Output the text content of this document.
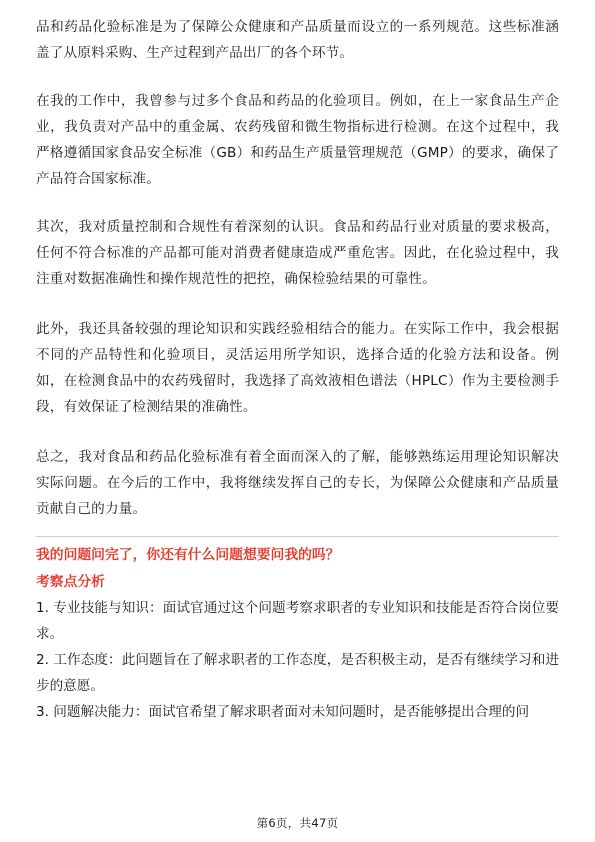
品和药品化验标准是为了保障公众健康和产品质量而设立的一系列规范。这些标准涵盖了从原料采购、生产过程到产品出厂的各个环节。

在我的工作中，我曾参与过多个食品和药品的化验项目。例如，在上一家食品生产企业，我负责对产品中的重金属、农药残留和微生物指标进行检测。在这个过程中，我严格遵循国家食品安全标准（GB）和药品生产质量管理规范（GMP）的要求，确保了产品符合国家标准。

其次，我对质量控制和合规性有着深刻的认识。食品和药品行业对质量的要求极高，任何不符合标准的产品都可能对消费者健康造成严重危害。因此，在化验过程中，我注重对数据准确性和操作规范性的把控，确保检验结果的可靠性。

此外，我还具备较强的理论知识和实践经验相结合的能力。在实际工作中，我会根据不同的产品特性和化验项目，灵活运用所学知识，选择合适的化验方法和设备。例如，在检测食品中的农药残留时，我选择了高效液相色谱法（HPLC）作为主要检测手段，有效保证了检测结果的准确性。

总之，我对食品和药品化验标准有着全面而深入的了解，能够熟练运用理论知识解决实际问题。在今后的工作中，我将继续发挥自己的专长，为保障公众健康和产品质量贡献自己的力量。

我的问题问完了，你还有什么问题想要问我的吗？

考察点分析

1. 专业技能与知识：面试官通过这个问题考察求职者的专业知识和技能是否符合岗位要求。

2. 工作态度：此问题旨在了解求职者的工作态度，是否积极主动，是否有继续学习和进步的意愿。

3. 问题解决能力：面试官希望了解求职者面对未知问题时，是否能够提出合理的问

第6页，共47页
